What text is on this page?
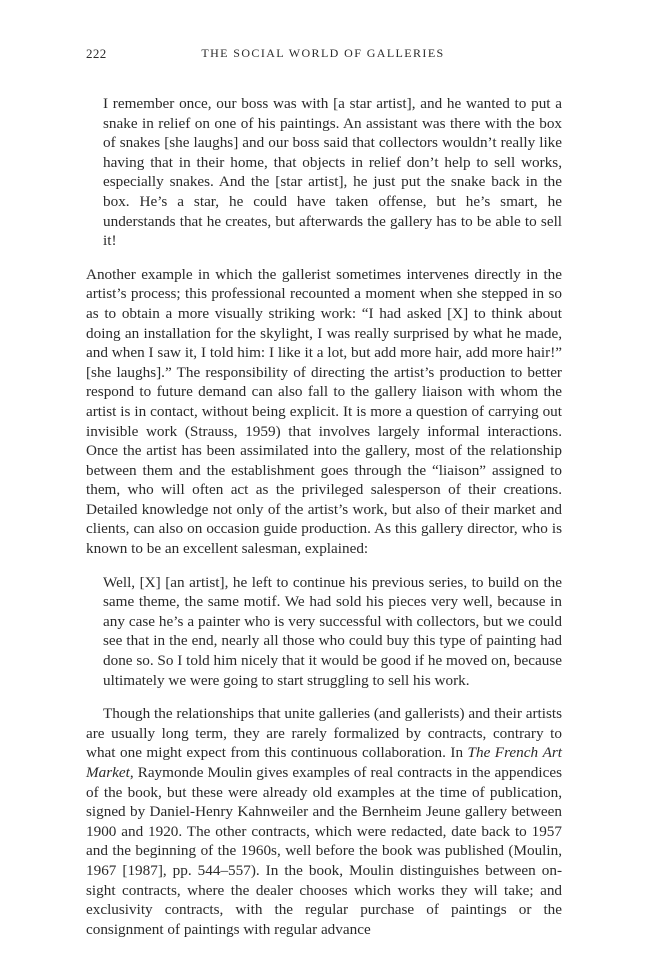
222	THE SOCIAL WORLD OF GALLERIES
I remember once, our boss was with [a star artist], and he wanted to put a snake in relief on one of his paintings. An assistant was there with the box of snakes [she laughs] and our boss said that collectors wouldn’t really like having that in their home, that objects in relief don’t help to sell works, especially snakes. And the [star artist], he just put the snake back in the box. He’s a star, he could have taken offense, but he’s smart, he understands that he creates, but afterwards the gallery has to be able to sell it!

Another example in which the gallerist sometimes intervenes directly in the artist’s process; this professional recounted a moment when she stepped in so as to obtain a more visually striking work: “I had asked [X] to think about doing an installation for the skylight, I was really surprised by what he made, and when I saw it, I told him: I like it a lot, but add more hair, add more hair!” [she laughs].” The responsibility of directing the artist’s production to better respond to future demand can also fall to the gallery liaison with whom the artist is in contact, without being explicit. It is more a question of carrying out invisible work (Strauss, 1959) that involves largely informal interactions. Once the artist has been assimilated into the gallery, most of the relationship between them and the establishment goes through the “liaison” assigned to them, who will often act as the privileged salesperson of their creations. Detailed knowledge not only of the artist’s work, but also of their market and clients, can also on occasion guide production. As this gallery director, who is known to be an excellent salesman, explained:

Well, [X] [an artist], he left to continue his previous series, to build on the same theme, the same motif. We had sold his pieces very well, because in any case he’s a painter who is very successful with collectors, but we could see that in the end, nearly all those who could buy this type of painting had done so. So I told him nicely that it would be good if he moved on, because ultimately we were going to start struggling to sell his work.

Though the relationships that unite galleries (and gallerists) and their artists are usually long term, they are rarely formalized by contracts, contrary to what one might expect from this continuous collaboration. In The French Art Market, Raymonde Moulin gives examples of real contracts in the appendices of the book, but these were already old examples at the time of publication, signed by Daniel-Henry Kahnweiler and the Bernheim Jeune gallery between 1900 and 1920. The other contracts, which were redacted, date back to 1957 and the beginning of the 1960s, well before the book was published (Moulin, 1967 [1987], pp. 544–557). In the book, Moulin distinguishes between on-sight contracts, where the dealer chooses which works they will take; and exclusivity contracts, with the regular purchase of paintings or the consignment of paintings with regular advance
